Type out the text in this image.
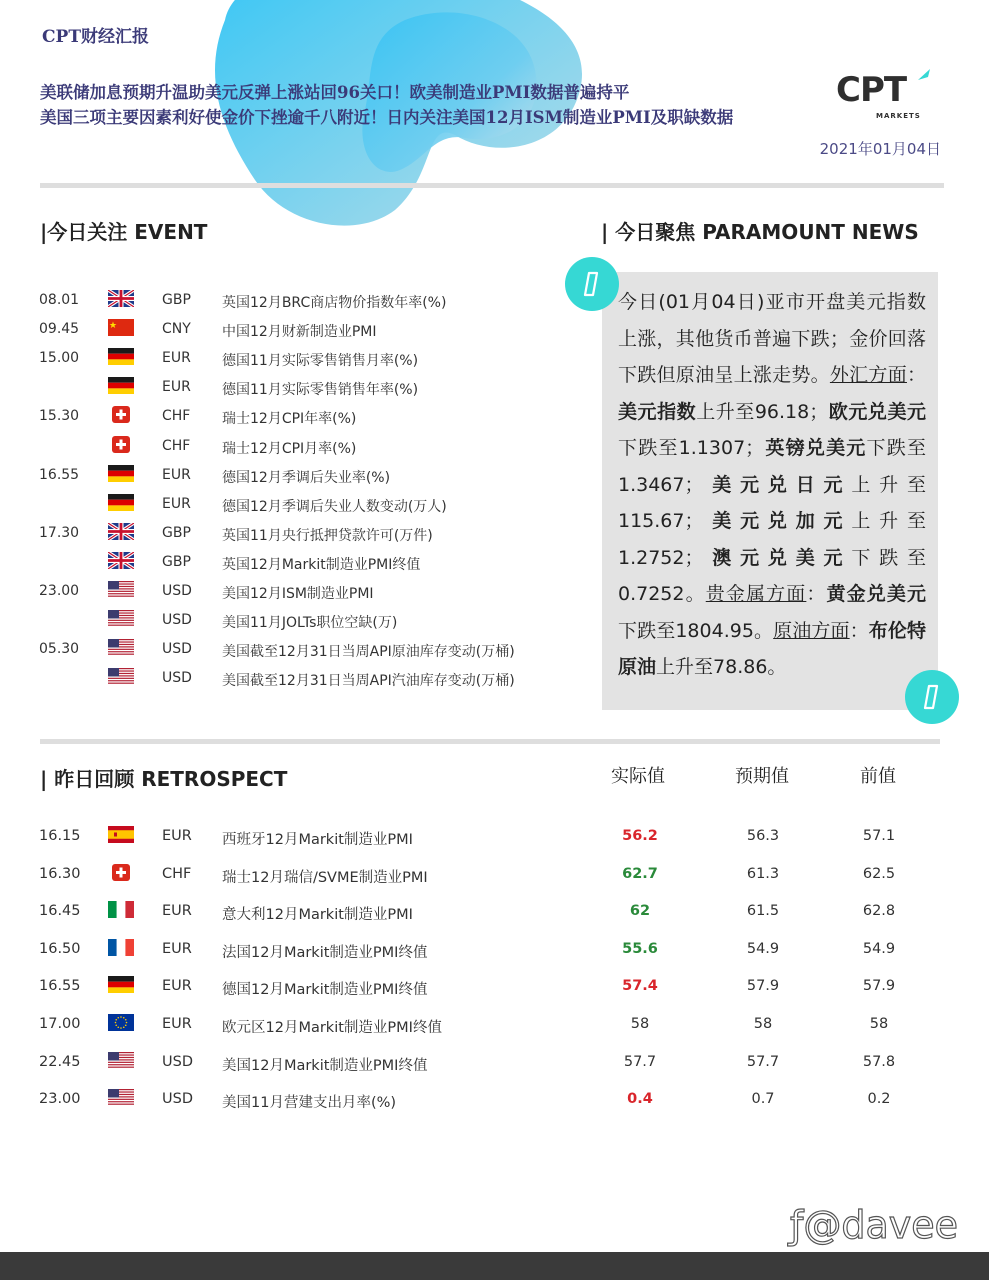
CPT财经汇报
美联储加息预期升温助美元反弹上涨站回96关口！欧美制造业PMI数据普遍持平
美国三项主要因素利好使金价下挫逾千八附近！日内关注美国12月ISM制造业PMI及职缺数据
CPT
MARKETS
2021年01月04日
|今日关注 EVENT	| 今日聚焦 PARAMOUNT NEWS
08.01	GBP 英国12月BRC商店物价指数年率(%)
09.45	CNY 中国12月财新制造业PMI
15.00	EUR 德国11月实际零售销售月率(%)
EUR 德国11月实际零售销售年率(%)
15.30	CHF 瑞士12月CPI年率(%)
CHF 瑞士12月CPI月率(%)
16.55	EUR 德国12月季调后失业率(%)
EUR 德国12月季调后失业人数变动(万人)
17.30	GBP 英国11月央行抵押贷款许可(万件)
GBP 英国12月Markit制造业PMI终值
23.00	USD 美国12月ISM制造业PMI
USD 美国11月JOLTs职位空缺(万)
05.30	USD 美国截至12月31日当周API原油库存变动(万桶)
USD 美国截至12月31日当周API汽油库存变动(万桶)
今日(01月04日)亚市开盘美元指数上涨，其他货币普遍下跌；金价回落下跌但原油呈上涨走势。外汇方面：美元指数上升至96.18；欧元兑美元下跌至1.1307；英镑兑美元下跌至1.3467；美元兑日元上升至115.67；美元兑加元上升至1.2752；澳元兑美元下跌至0.7252。贵金属方面：黄金兑美元下跌至1804.95。原油方面：布伦特原油上升至78.86。
| 昨日回顾 RETROSPECT	实际值	预期值	前值
16.15	EUR 西班牙12月Markit制造业PMI	56.2	56.3	57.1
16.30	CHF 瑞士12月瑞信/SVME制造业PMI	62.7	61.3	62.5
16.45	EUR 意大利12月Markit制造业PMI	62	61.5	62.8
16.50	EUR 法国12月Markit制造业PMI终值	55.6	54.9	54.9
16.55	EUR 德国12月Markit制造业PMI终值	57.4	57.9	57.9
17.00	EUR 欧元区12月Markit制造业PMI终值	58	58	58
22.45	USD 美国12月Markit制造业PMI终值	57.7	57.7	57.8
23.00	USD 美国11月营建支出月率(%)	0.4	0.7	0.2
ƒ@davee
